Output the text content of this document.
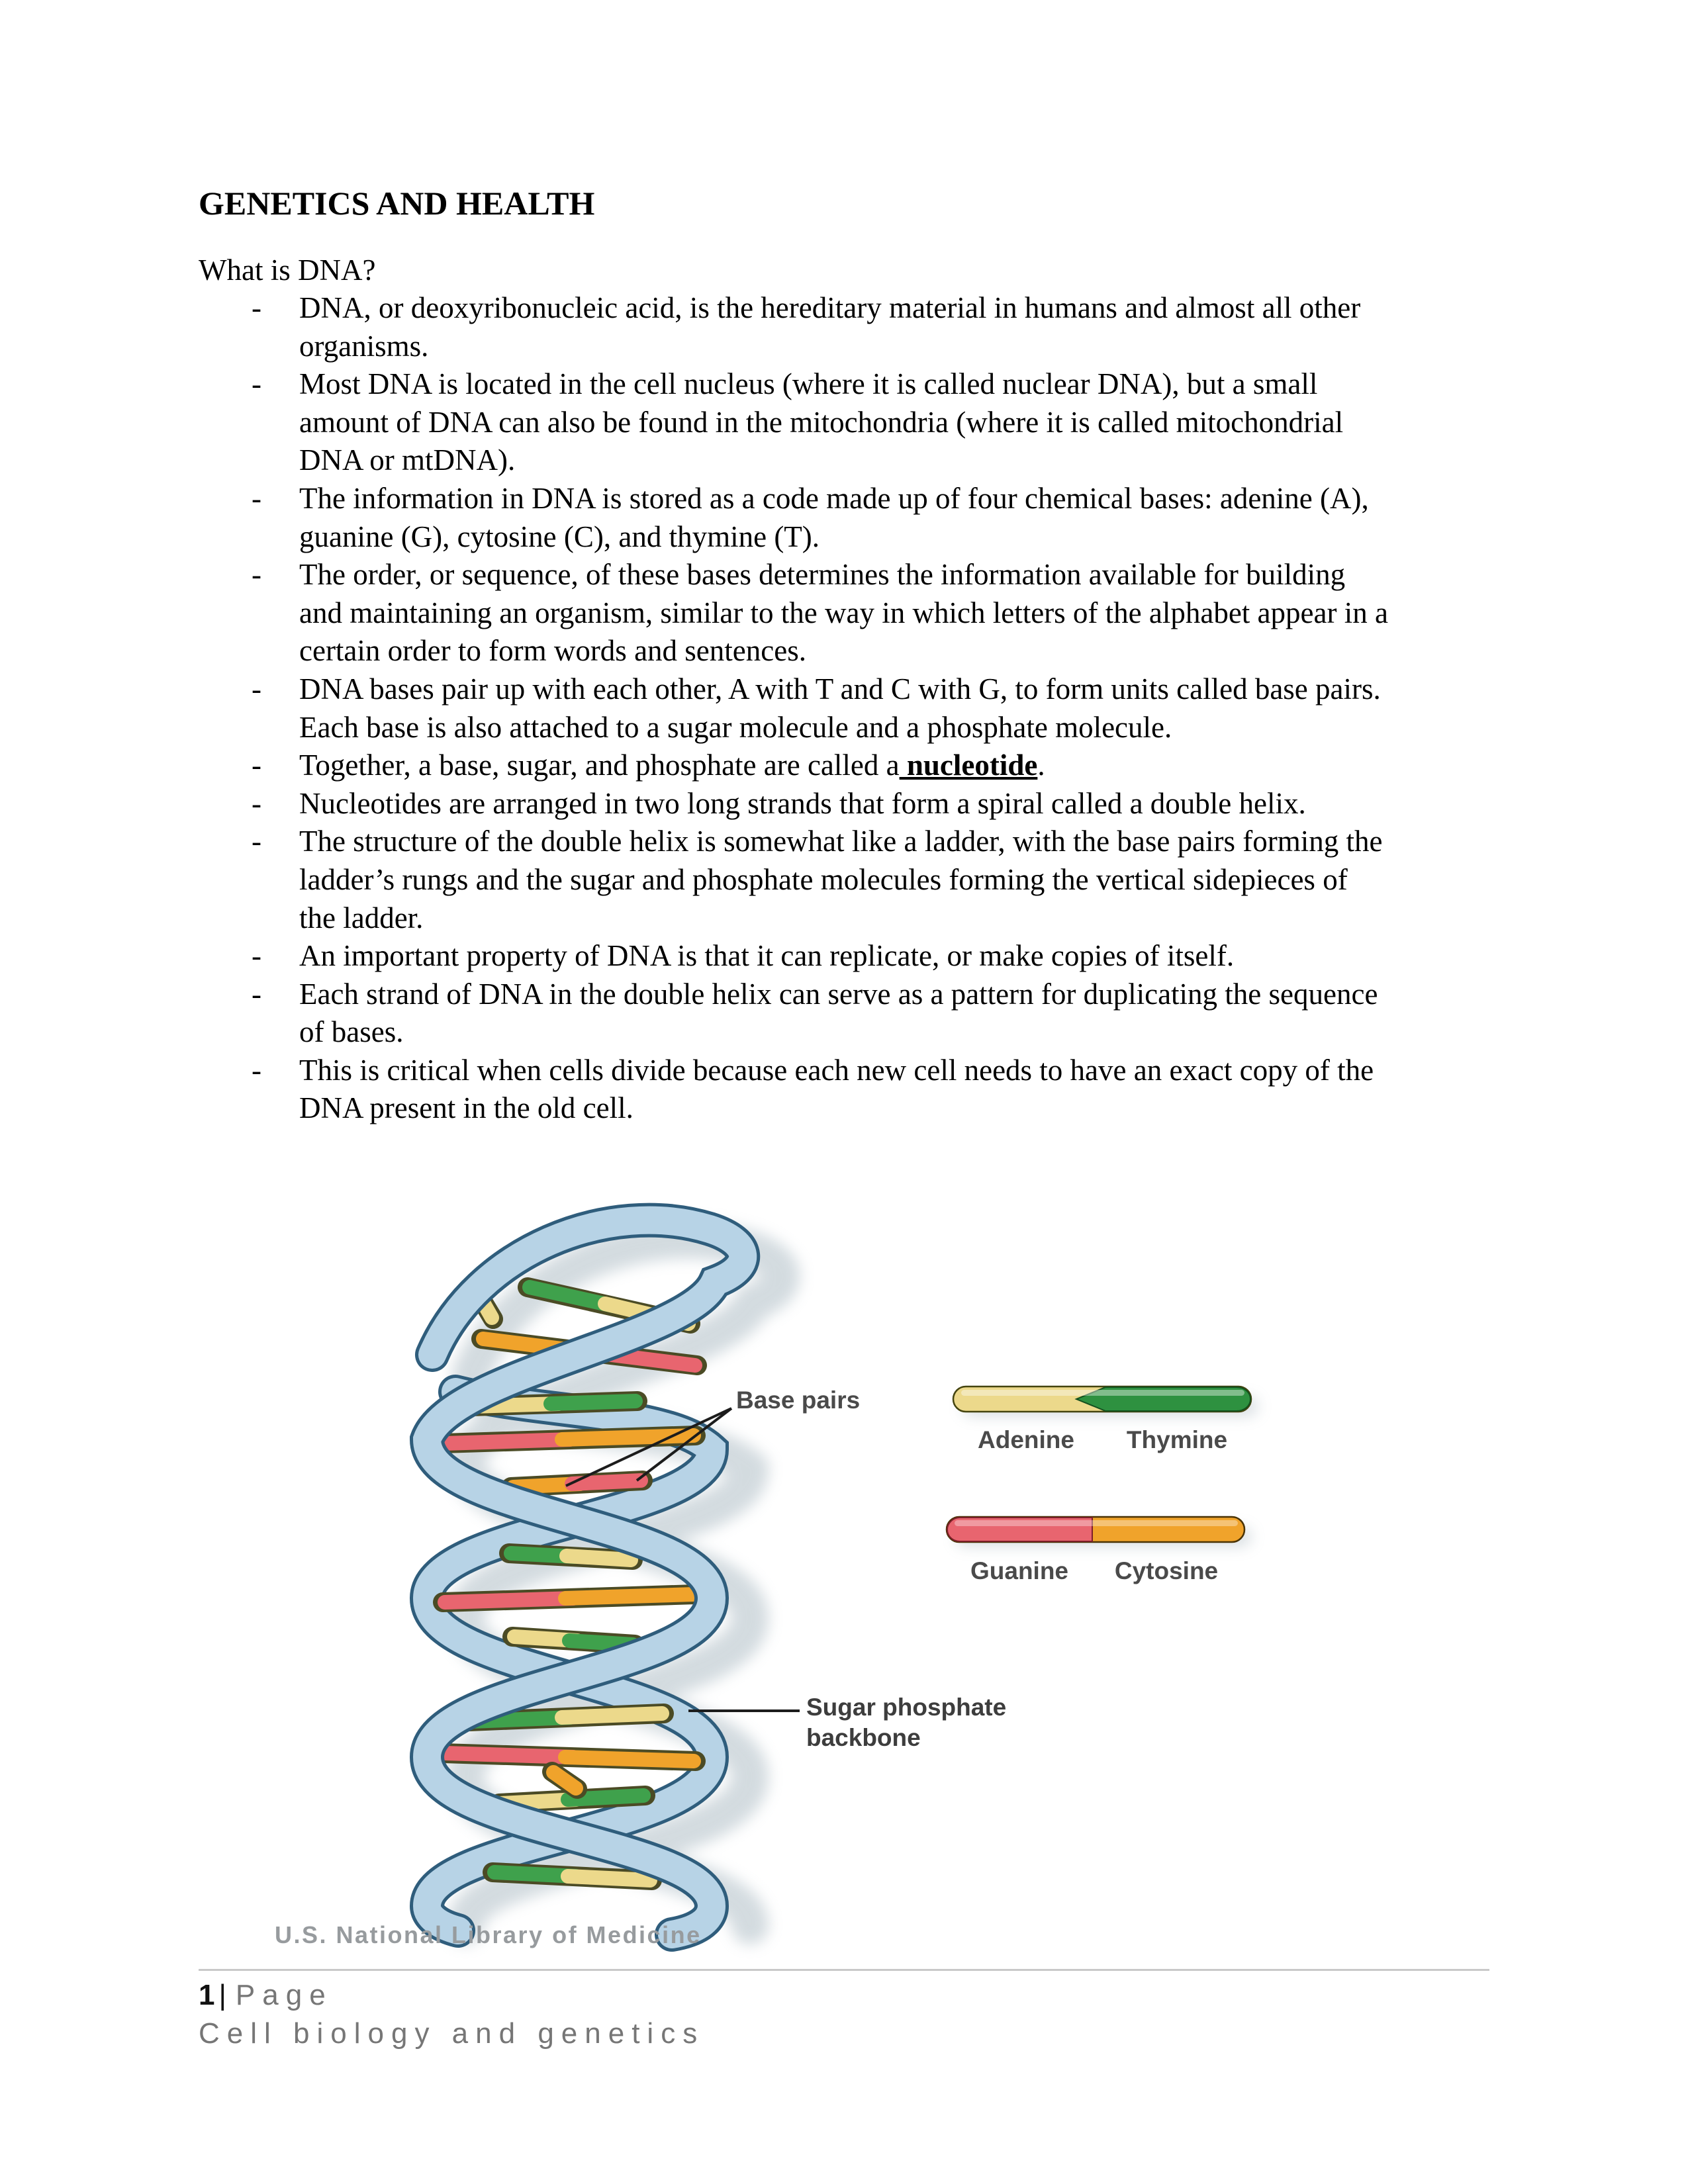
GENETICS AND HEALTH

What is DNA?

- DNA, or deoxyribonucleic acid, is the hereditary material in humans and almost all other organisms.
- Most DNA is located in the cell nucleus (where it is called nuclear DNA), but a small amount of DNA can also be found in the mitochondria (where it is called mitochondrial DNA or mtDNA).
- The information in DNA is stored as a code made up of four chemical bases: adenine (A), guanine (G), cytosine (C), and thymine (T).
- The order, or sequence, of these bases determines the information available for building and maintaining an organism, similar to the way in which letters of the alphabet appear in a certain order to form words and sentences.
- DNA bases pair up with each other, A with T and C with G, to form units called base pairs. Each base is also attached to a sugar molecule and a phosphate molecule.
- Together, a base, sugar, and phosphate are called a nucleotide.
- Nucleotides are arranged in two long strands that form a spiral called a double helix.
- The structure of the double helix is somewhat like a ladder, with the base pairs forming the ladder’s rungs and the sugar and phosphate molecules forming the vertical sidepieces of the ladder.
- An important property of DNA is that it can replicate, or make copies of itself.
- Each strand of DNA in the double helix can serve as a pattern for duplicating the sequence of bases.
- This is critical when cells divide because each new cell needs to have an exact copy of the DNA present in the old cell.
Base pairs
Adenine Thymine
Guanine Cytosine
Sugar phosphate
backbone
U.S. National Library of Medicine
1 | Page
Cell biology and genetics
